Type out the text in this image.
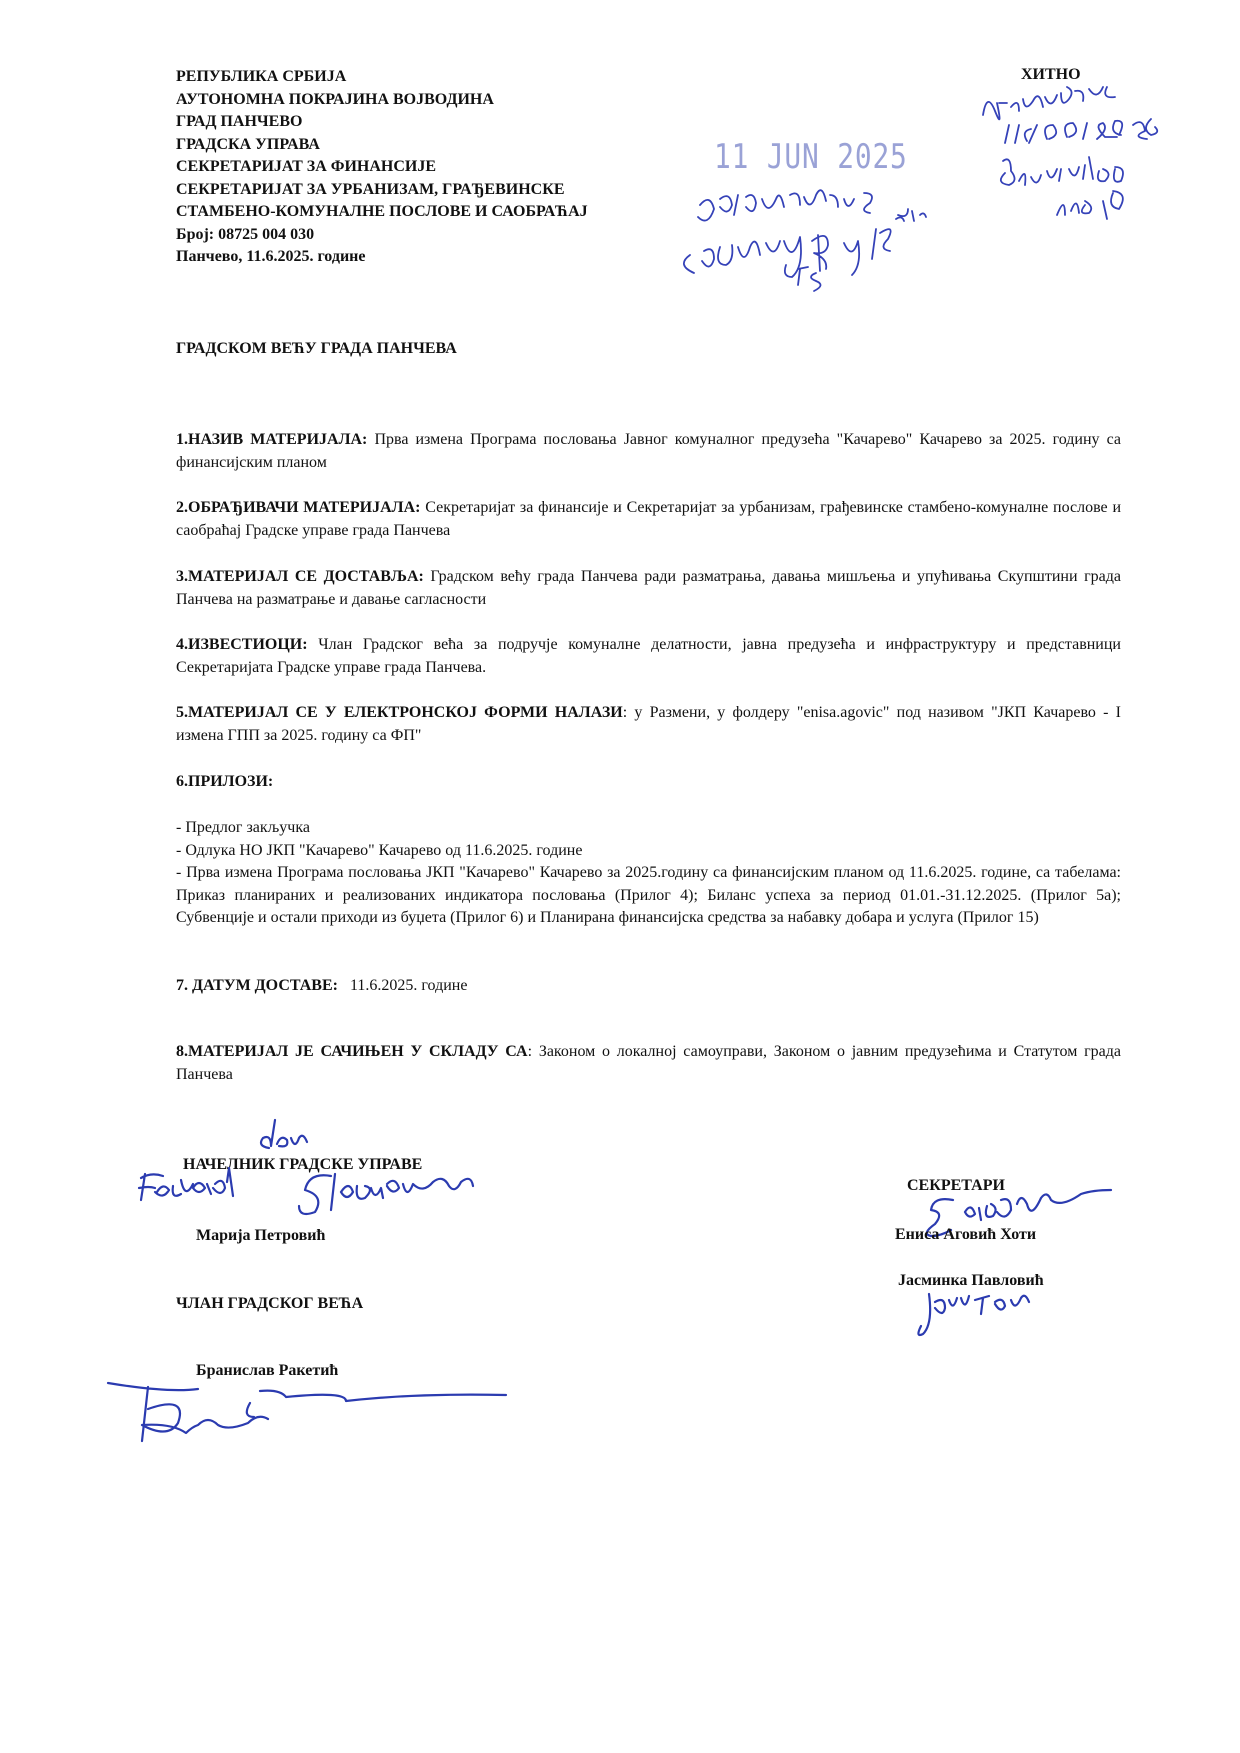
РЕПУБЛИКА СРБИЈА
АУТОНОМНА ПОКРАЈИНА ВОЈВОДИНА
ГРАД ПАНЧЕВО
ГРАДСКА УПРАВА
СЕКРЕТАРИЈАТ ЗА ФИНАНСИЈЕ
СЕКРЕТАРИЈАТ ЗА УРБАНИЗАМ, ГРАЂЕВИНСКЕ
СТАМБЕНО-КОМУНАЛНЕ ПОСЛОВЕ И САОБРАЋАЈ
Број: 08725 004 030
Панчево, 11.6.2025. године
ХИТНО
11 JUN 2025
ГРАДСКОМ ВЕЋУ ГРАДА ПАНЧЕВА
1.НАЗИВ МАТЕРИЈАЛА: Прва измена Програма пословања Јавног комуналног предузећа "Качарево" Качарево за 2025. годину са финансијским планом
2.ОБРАЂИВАЧИ МАТЕРИЈАЛА: Секретаријат за финансије и Секретаријат за урбанизам, грађевинске стамбено-комуналне послове и саобраћај Градске управе града Панчева
3.МАТЕРИЈАЛ СЕ ДОСТАВЉА: Градском већу града Панчева ради разматрања, давања мишљења и упућивања Скупштини града Панчева на разматрање и давање сагласности
4.ИЗВЕСТИОЦИ: Члан Градског већа за подручје комуналне делатности, јавна предузећа и инфраструктуру и представници Секретаријата Градске управе града Панчева.
5.МАТЕРИЈАЛ СЕ У ЕЛЕКТРОНСКОЈ ФОРМИ НАЛАЗИ: у Размени, у фолдеру "enisa.agovic" под називом "ЈКП Качарево - I измена ГПП за 2025. годину са ФП"
6.ПРИЛОЗИ:
- Предлог закључка
- Одлука НО ЈКП "Качарево" Качарево од 11.6.2025. године
- Прва измена Програма пословања ЈКП "Качарево" Качарево за 2025.годину са финансијским планом од 11.6.2025. године, са табелама: Приказ планираних и реализованих индикатора пословања (Прилог 4); Биланс успеха за период 01.01.-31.12.2025. (Прилог 5а); Субвенције и остали приходи из буџета (Прилог 6) и Планирана финансијска средства за набавку добара и услуга (Прилог 15)
7. ДАТУМ ДОСТАВЕ: 11.6.2025. године
8.МАТЕРИЈАЛ ЈЕ САЧИЊЕН У СКЛАДУ СА: Законом о локалној самоуправи, Законом о јавним предузећима и Статутом града Панчева
НАЧЕЛНИК ГРАДСКЕ УПРАВЕ
Марија Петровић
ЧЛАН ГРАДСКОГ ВЕЋА
Бранислав Ракетић
СЕКРЕТАРИ
Ениса Аговић Хоти
Јасминка Павловић
